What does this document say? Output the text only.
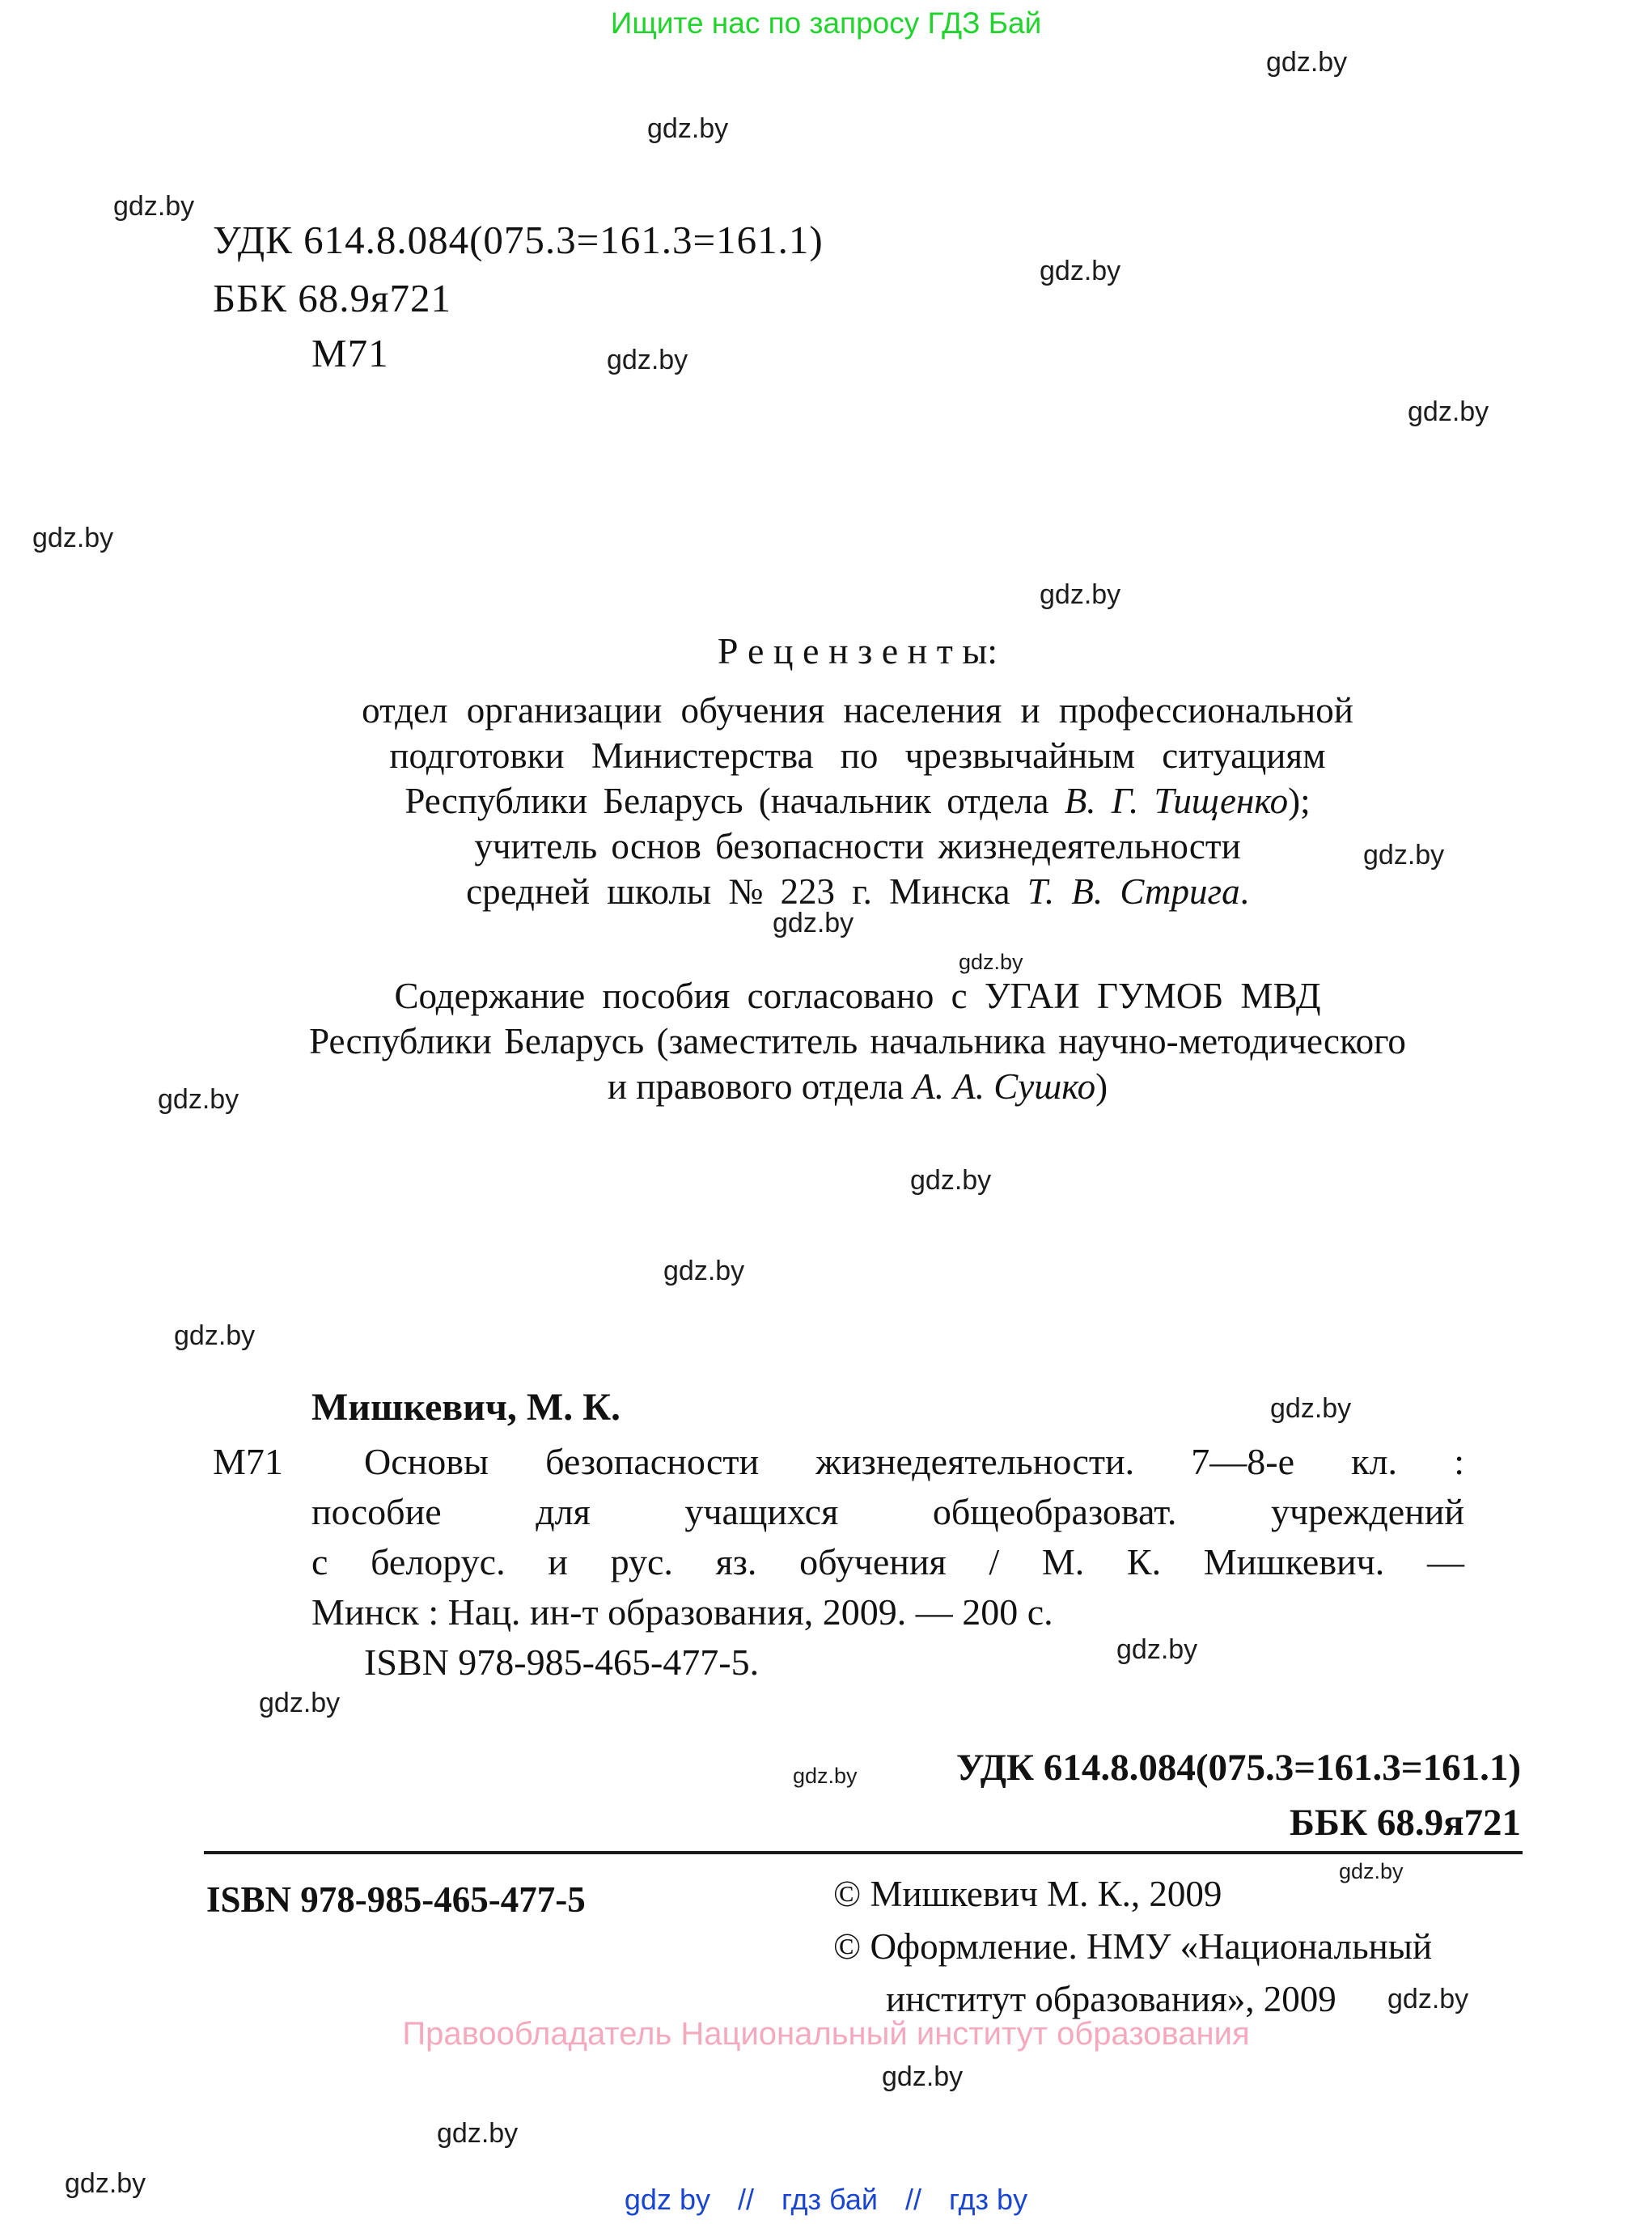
Ищите нас по запросу ГДЗ Бай
gdz.by
gdz.by
gdz.by
gdz.by
gdz.by
gdz.by
gdz.by
gdz.by
gdz.by
gdz.by
gdz.by
gdz.by
gdz.by
gdz.by
gdz.by
gdz.by
gdz.by
gdz.by
gdz.by
gdz.by
gdz.by
gdz.by
gdz.by
gdz.by
УДК 614.8.084(075.3=161.3=161.1)
ББК 68.9я721
М71
Р е ц е н з е н т ы:
отдел организации обучения населения и профессиональной
подготовки Министерства по чрезвычайным ситуациям
Республики Беларусь (начальник отдела В. Г. Тищенко);
учитель основ безопасности жизнедеятельности
средней школы № 223 г. Минска Т. В. Стрига.
Содержание пособия согласовано с УГАИ ГУМОБ МВД
Республики Беларусь (заместитель начальника научно-методического
и правового отдела А. А. Сушко)
Мишкевич, М. К.
М71	Основы безопасности жизнедеятельности. 7—8-е кл. :
пособие для учащихся общеобразоват. учреждений
с белорус. и рус. яз. обучения / М. К. Мишкевич. —
Минск : Нац. ин-т образования, 2009. — 200 с.
ISBN 978-985-465-477-5.
УДК 614.8.084(075.3=161.3=161.1)
ББК 68.9я721
ISBN 978-985-465-477-5	© Мишкевич М. К., 2009
© Оформление. НМУ «Национальный
институт образования», 2009
Правообладатель Национальный институт образования
gdz by // гдз бай // гдз by
